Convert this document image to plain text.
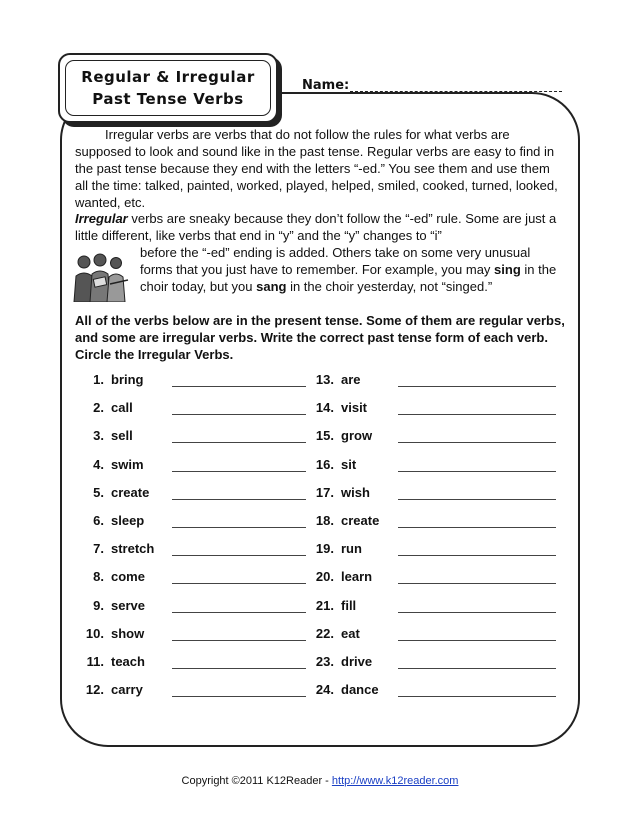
Regular & Irregular
Past Tense Verbs
Name:

Irregular verbs are verbs that do not follow the rules for what verbs are supposed to look and sound like in the past tense. Regular verbs are easy to find in the past tense because they end with the letters “-ed.” You see them and use them all the time: talked, painted, worked, played, helped, smiled, cooked, turned, looked, wanted, etc.

Irregular verbs are sneaky because they don’t follow the “-ed” rule. Some are just a little different, like verbs that end in “y” and the “y” changes to “i”
before the “-ed” ending is added. Others take on some very unusual forms that you just have to remember. For example, you may sing in the choir today, but you sang in the choir yesterday, not “singed.”
All of the verbs below are in the present tense. Some of them are regular verbs, and some are irregular verbs. Write the correct past tense form of each verb. Circle the Irregular Verbs.
1. bring
2. call
3. sell
4. swim
5. create
6. sleep
7. stretch
8. come
9. serve
10. show
11. teach
12. carry
13. are
14. visit
15. grow
16. sit
17. wish
18. create
19. run
20. learn
21. fill
22. eat
23. drive
24. dance
Copyright ©2011 K12Reader - http://www.k12reader.com
